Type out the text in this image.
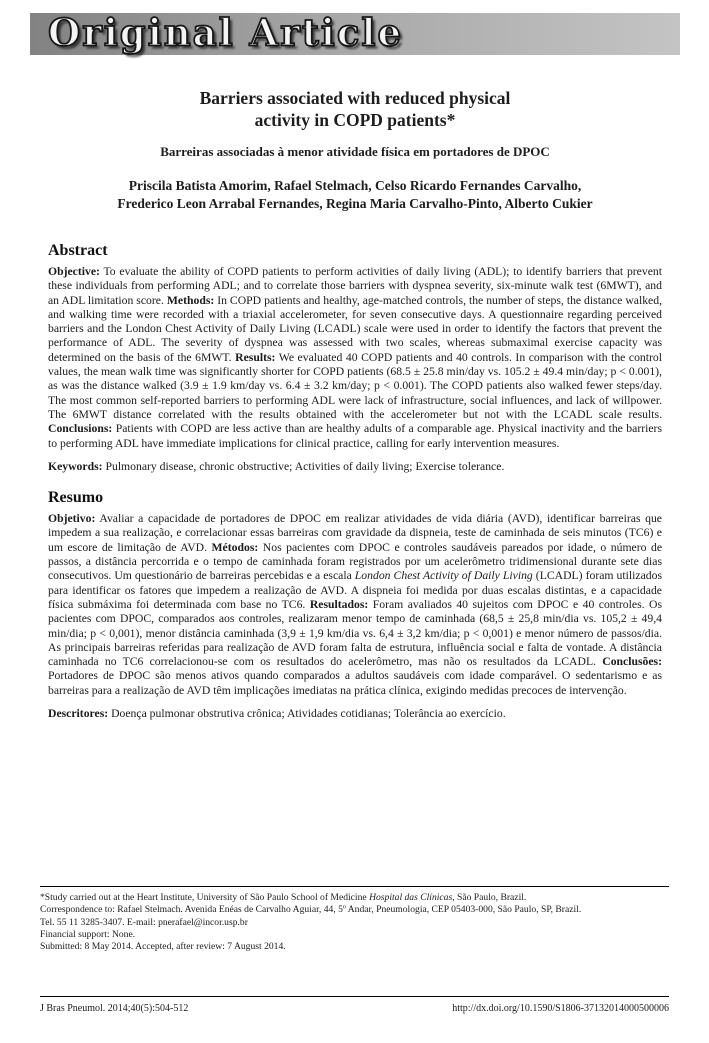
Original Article
Barriers associated with reduced physical
activity in COPD patients*
Barreiras associadas à menor atividade física em portadores de DPOC

Priscila Batista Amorim, Rafael Stelmach, Celso Ricardo Fernandes Carvalho,
Frederico Leon Arrabal Fernandes, Regina Maria Carvalho-Pinto, Alberto Cukier

Abstract

Objective: To evaluate the ability of COPD patients to perform activities of daily living (ADL); to identify barriers that prevent these individuals from performing ADL; and to correlate those barriers with dyspnea severity, six-minute walk test (6MWT), and an ADL limitation score. Methods: In COPD patients and healthy, age-matched controls, the number of steps, the distance walked, and walking time were recorded with a triaxial accelerometer, for seven consecutive days. A questionnaire regarding perceived barriers and the London Chest Activity of Daily Living (LCADL) scale were used in order to identify the factors that prevent the performance of ADL. The severity of dyspnea was assessed with two scales, whereas submaximal exercise capacity was determined on the basis of the 6MWT. Results: We evaluated 40 COPD patients and 40 controls. In comparison with the control values, the mean walk time was significantly shorter for COPD patients (68.5 ± 25.8 min/day vs. 105.2 ± 49.4 min/day; p < 0.001), as was the distance walked (3.9 ± 1.9 km/day vs. 6.4 ± 3.2 km/day; p < 0.001). The COPD patients also walked fewer steps/day. The most common self-reported barriers to performing ADL were lack of infrastructure, social influences, and lack of willpower. The 6MWT distance correlated with the results obtained with the accelerometer but not with the LCADL scale results. Conclusions: Patients with COPD are less active than are healthy adults of a comparable age. Physical inactivity and the barriers to performing ADL have immediate implications for clinical practice, calling for early intervention measures.

Keywords: Pulmonary disease, chronic obstructive; Activities of daily living; Exercise tolerance.

Resumo

Objetivo: Avaliar a capacidade de portadores de DPOC em realizar atividades de vida diária (AVD), identificar barreiras que impedem a sua realização, e correlacionar essas barreiras com gravidade da dispneia, teste de caminhada de seis minutos (TC6) e um escore de limitação de AVD. Métodos: Nos pacientes com DPOC e controles saudáveis pareados por idade, o número de passos, a distância percorrida e o tempo de caminhada foram registrados por um acelerômetro tridimensional durante sete dias consecutivos. Um questionário de barreiras percebidas e a escala London Chest Activity of Daily Living (LCADL) foram utilizados para identificar os fatores que impedem a realização de AVD. A dispneia foi medida por duas escalas distintas, e a capacidade física submáxima foi determinada com base no TC6. Resultados: Foram avaliados 40 sujeitos com DPOC e 40 controles. Os pacientes com DPOC, comparados aos controles, realizaram menor tempo de caminhada (68,5 ± 25,8 min/dia vs. 105,2 ± 49,4 min/dia; p < 0,001), menor distância caminhada (3,9 ± 1,9 km/dia vs. 6,4 ± 3,2 km/dia; p < 0,001) e menor número de passos/dia. As principais barreiras referidas para realização de AVD foram falta de estrutura, influência social e falta de vontade. A distância caminhada no TC6 correlacionou-se com os resultados do acelerômetro, mas não os resultados da LCADL. Conclusões: Portadores de DPOC são menos ativos quando comparados a adultos saudáveis com idade comparável. O sedentarismo e as barreiras para a realização de AVD têm implicações imediatas na prática clínica, exigindo medidas precoces de intervenção.

Descritores: Doença pulmonar obstrutiva crônica; Atividades cotidianas; Tolerância ao exercício.

*Study carried out at the Heart Institute, University of São Paulo School of Medicine Hospital das Clínicas, São Paulo, Brazil.
Correspondence to: Rafael Stelmach. Avenida Enéas de Carvalho Aguiar, 44, 5º Andar, Pneumologia, CEP 05403-000, São Paulo, SP, Brazil.
Tel. 55 11 3285-3407. E-mail: pnerafael@incor.usp.br
Financial support: None.
Submitted: 8 May 2014. Accepted, after review: 7 August 2014.
J Bras Pneumol. 2014;40(5):504-512	http://dx.doi.org/10.1590/S1806-37132014000500006
